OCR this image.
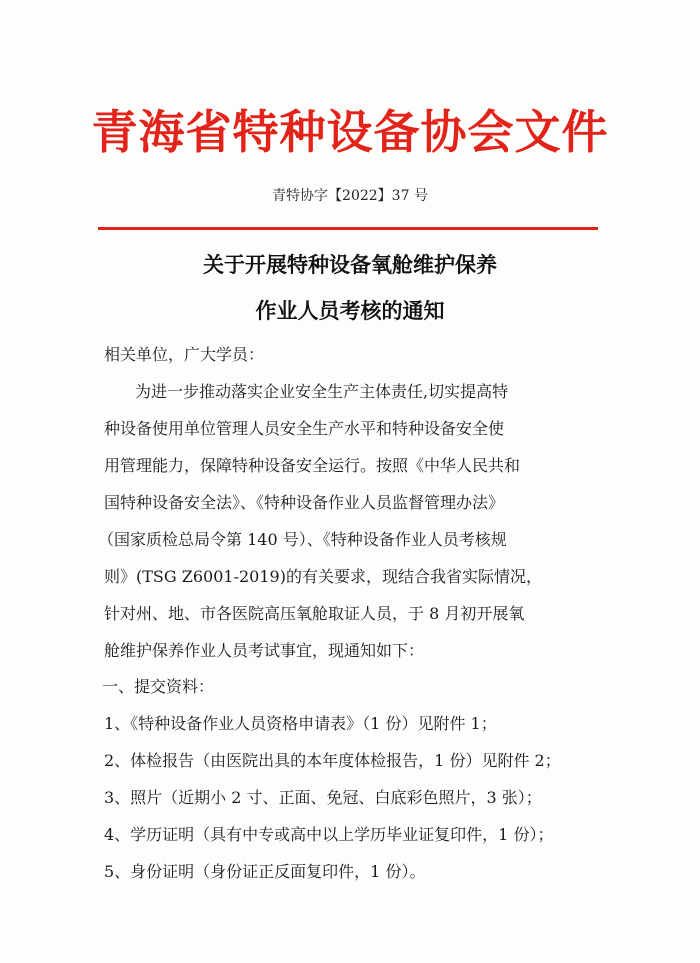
青海省特种设备协会文件
青特协字【2022】37 号
关于开展特种设备氧舱维护保养
作业人员考核的通知
相关单位，广大学员：
为进一步推动落实企业安全生产主体责任,切实提高特
种设备使用单位管理人员安全生产水平和特种设备安全使
用管理能力，保障特种设备安全运行。按照《中华人民共和
国特种设备安全法》、《特种设备作业人员监督管理办法》
（国家质检总局令第 140 号）、《特种设备作业人员考核规
则》(TSG Z6001-2019)的有关要求，现结合我省实际情况，
针对州、地、市各医院高压氧舱取证人员，于 8 月初开展氧
舱维护保养作业人员考试事宜，现通知如下：
一、提交资料：
1、《特种设备作业人员资格申请表》（1 份）见附件 1；
2、体检报告（由医院出具的本年度体检报告，1 份）见附件 2；
3、照片（近期小 2 寸、正面、免冠、白底彩色照片，3 张）；
4、学历证明（具有中专或高中以上学历毕业证复印件，1 份）；
5、身份证明（身份证正反面复印件，1 份）。
